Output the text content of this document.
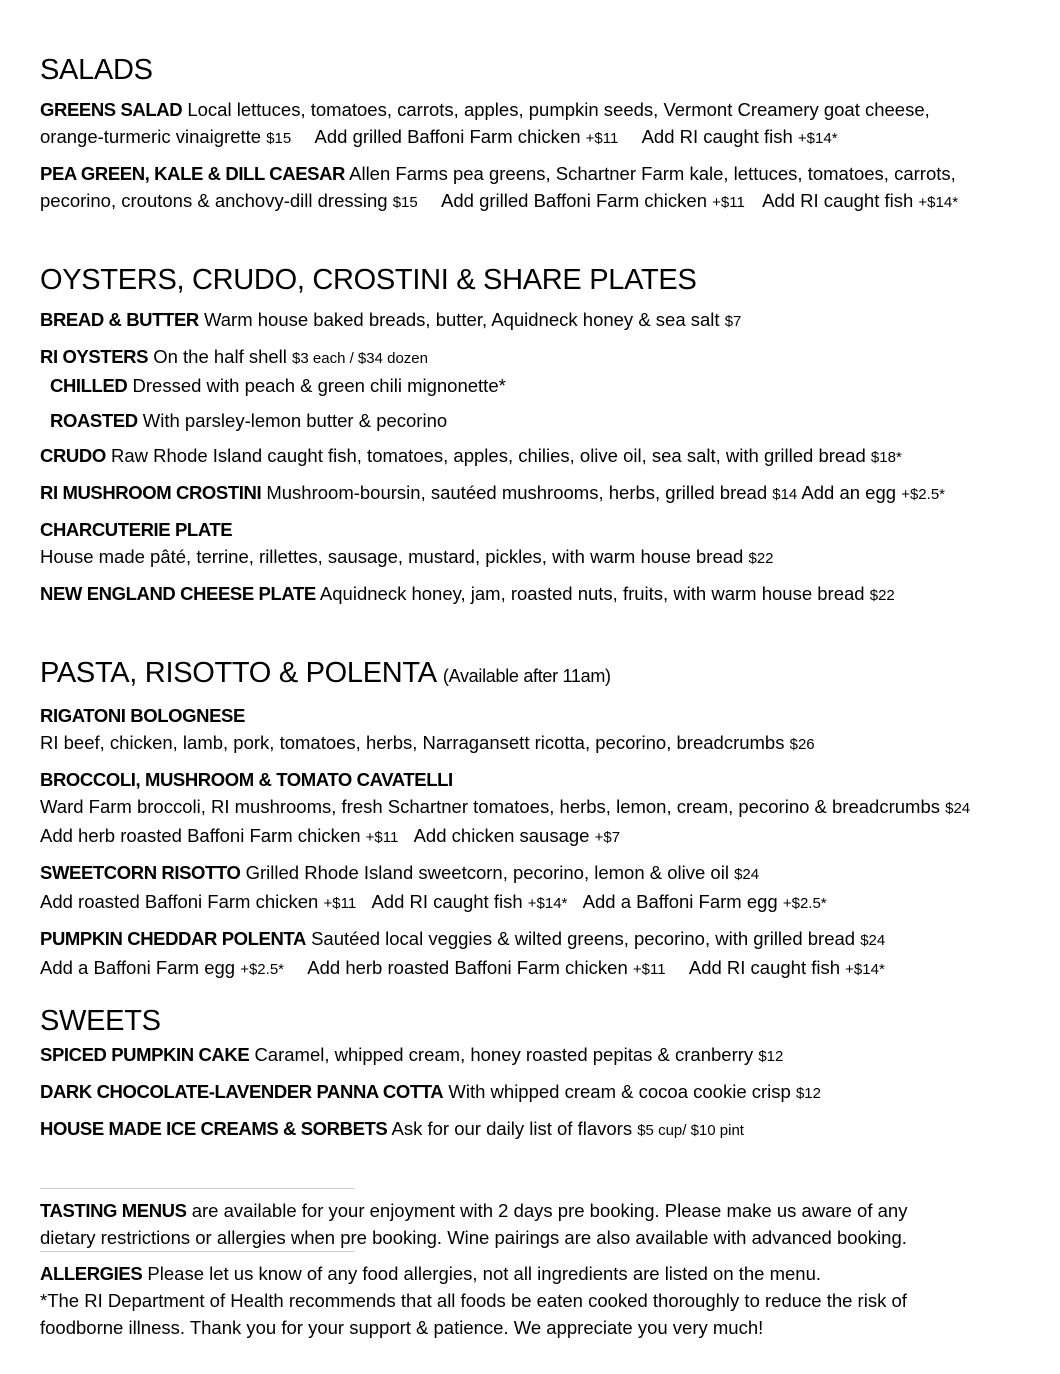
SALADS
GREENS SALAD Local lettuces, tomatoes, carrots, apples, pumpkin seeds, Vermont Creamery goat cheese,
orange-turmeric vinaigrette $15 Add grilled Baffoni Farm chicken +$11 Add RI caught fish +$14*
PEA GREEN, KALE & DILL CAESAR Allen Farms pea greens, Schartner Farm kale, lettuces, tomatoes, carrots,
pecorino, croutons & anchovy-dill dressing $15 Add grilled Baffoni Farm chicken +$11 Add RI caught fish +$14*
OYSTERS, CRUDO, CROSTINI & SHARE PLATES
BREAD & BUTTER Warm house baked breads, butter, Aquidneck honey & sea salt $7
RI OYSTERS On the half shell $3 each / $34 dozen
CHILLED Dressed with peach & green chili mignonette*
ROASTED With parsley-lemon butter & pecorino
CRUDO Raw Rhode Island caught fish, tomatoes, apples, chilies, olive oil, sea salt, with grilled bread $18*
RI MUSHROOM CROSTINI Mushroom-boursin, sautéed mushrooms, herbs, grilled bread $14 Add an egg +$2.5*
CHARCUTERIE PLATE
House made pâté, terrine, rillettes, sausage, mustard, pickles, with warm house bread $22
NEW ENGLAND CHEESE PLATE Aquidneck honey, jam, roasted nuts, fruits, with warm house bread $22
PASTA, RISOTTO & POLENTA (Available after 11am)
RIGATONI BOLOGNESE
RI beef, chicken, lamb, pork, tomatoes, herbs, Narragansett ricotta, pecorino, breadcrumbs $26
BROCCOLI, MUSHROOM & TOMATO CAVATELLI
Ward Farm broccoli, RI mushrooms, fresh Schartner tomatoes, herbs, lemon, cream, pecorino & breadcrumbs $24
Add herb roasted Baffoni Farm chicken +$11 Add chicken sausage +$7
SWEETCORN RISOTTO Grilled Rhode Island sweetcorn, pecorino, lemon & olive oil $24
Add roasted Baffoni Farm chicken +$11 Add RI caught fish +$14* Add a Baffoni Farm egg +$2.5*
PUMPKIN CHEDDAR POLENTA Sautéed local veggies & wilted greens, pecorino, with grilled bread $24
Add a Baffoni Farm egg +$2.5* Add herb roasted Baffoni Farm chicken +$11 Add RI caught fish +$14*
SWEETS
SPICED PUMPKIN CAKE Caramel, whipped cream, honey roasted pepitas & cranberry $12
DARK CHOCOLATE-LAVENDER PANNA COTTA With whipped cream & cocoa cookie crisp $12
HOUSE MADE ICE CREAMS & SORBETS Ask for our daily list of flavors $5 cup/ $10 pint

TASTING MENUS are available for your enjoyment with 2 days pre booking. Please make us aware of any

dietary restrictions or allergies when pre booking. Wine pairings are also available with advanced booking.

ALLERGIES Please let us know of any food allergies, not all ingredients are listed on the menu.

*The RI Department of Health recommends that all foods be eaten cooked thoroughly to reduce the risk of

foodborne illness. Thank you for your support & patience. We appreciate you very much!
